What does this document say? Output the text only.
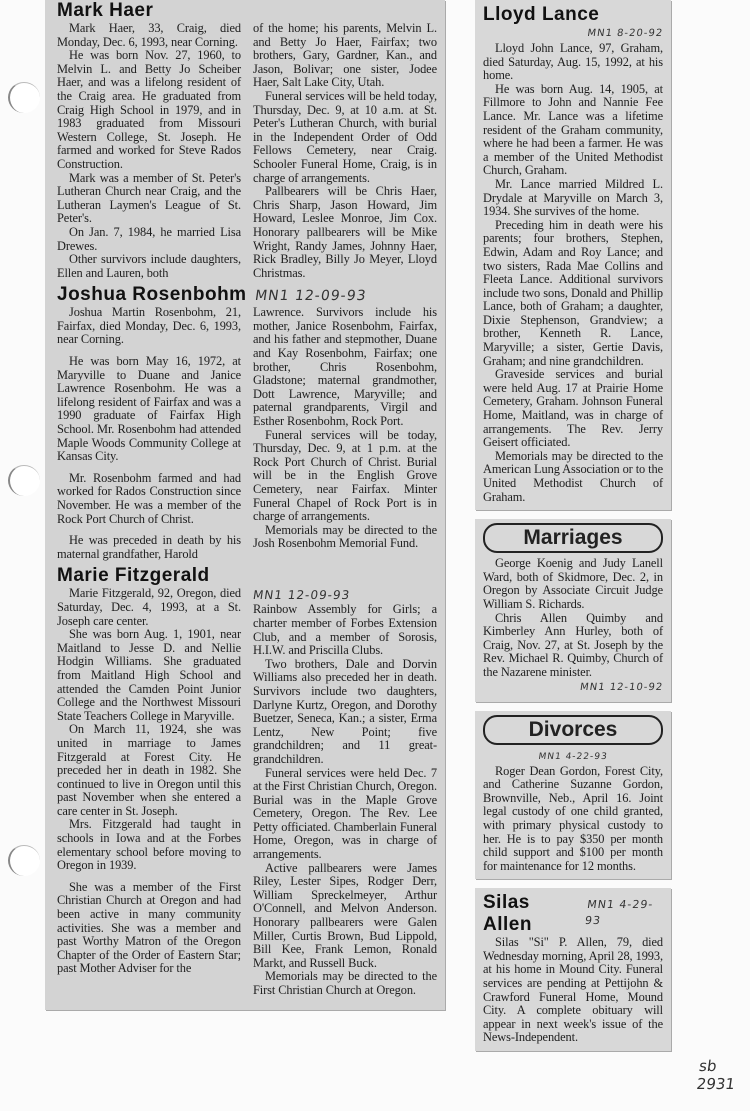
Mark Haer

Mark Haer, 33, Craig, died Monday, Dec. 6, 1993, near Corning.

He was born Nov. 27, 1960, to Melvin L. and Betty Jo Scheiber Haer, and was a lifelong resident of the Craig area. He graduated from Craig High School in 1979, and in 1983 graduated from Missouri Western College, St. Joseph. He farmed and worked for Steve Rados Construction.

Mark was a member of St. Peter's Lutheran Church near Craig, and the Lutheran Laymen's League of St. Peter's.

On Jan. 7, 1984, he married Lisa Drewes.

Other survivors include daughters, Ellen and Lauren, both

of the home; his parents, Melvin L. and Betty Jo Haer, Fairfax; two brothers, Gary, Gardner, Kan., and Jason, Bolivar; one sister, Jodee Haer, Salt Lake City, Utah.

Funeral services will be held today, Thursday, Dec. 9, at 10 a.m. at St. Peter's Lutheran Church, with burial in the Independent Order of Odd Fellows Cemetery, near Craig. Schooler Funeral Home, Craig, is in charge of arrangements.

Pallbearers will be Chris Haer, Chris Sharp, Jason Howard, Jim Howard, Leslee Monroe, Jim Cox. Honorary pallbearers will be Mike Wright, Randy James, Johnny Haer, Rick Bradley, Billy Jo Meyer, Lloyd Christmas.

Joshua Rosenbohm MN1 12-09-93

Joshua Martin Rosenbohm, 21, Fairfax, died Monday, Dec. 6, 1993, near Corning.

He was born May 16, 1972, at Maryville to Duane and Janice Lawrence Rosenbohm. He was a lifelong resident of Fairfax and was a 1990 graduate of Fairfax High School. Mr. Rosenbohm had attended Maple Woods Community College at Kansas City.

Mr. Rosenbohm farmed and had worked for Rados Construction since November. He was a member of the Rock Port Church of Christ.

He was preceded in death by his maternal grandfather, Harold

Lawrence. Survivors include his mother, Janice Rosenbohm, Fairfax, and his father and stepmother, Duane and Kay Rosenbohm, Fairfax; one brother, Chris Rosenbohm, Gladstone; maternal grandmother, Dott Lawrence, Maryville; and paternal grandparents, Virgil and Esther Rosenbohm, Rock Port.

Funeral services will be today, Thursday, Dec. 9, at 1 p.m. at the Rock Port Church of Christ. Burial will be in the English Grove Cemetery, near Fairfax. Minter Funeral Chapel of Rock Port is in charge of arrangements.

Memorials may be directed to the Josh Rosenbohm Memorial Fund.

Marie Fitzgerald

Marie Fitzgerald, 92, Oregon, died Saturday, Dec. 4, 1993, at a St. Joseph care center.

She was born Aug. 1, 1901, near Maitland to Jesse D. and Nellie Hodgin Williams. She graduated from Maitland High School and attended the Camden Point Junior College and the Northwest Missouri State Teachers College in Maryville.

On March 11, 1924, she was united in marriage to James Fitzgerald at Forest City. He preceded her in death in 1982. She continued to live in Oregon until this past November when she entered a care center in St. Joseph.

Mrs. Fitzgerald had taught in schools in Iowa and at the Forbes elementary school before moving to Oregon in 1939.

She was a member of the First Christian Church at Oregon and had been active in many community activities. She was a member and past Worthy Matron of the Oregon Chapter of the Order of Eastern Star; past Mother Adviser for the

MN1 12-09-93

Rainbow Assembly for Girls; a charter member of Forbes Extension Club, and a member of Sorosis, H.I.W. and Priscilla Clubs.

Two brothers, Dale and Dorvin Williams also preceded her in death. Survivors include two daughters, Darlyne Kurtz, Oregon, and Dorothy Buetzer, Seneca, Kan.; a sister, Erma Lentz, New Point; five grandchildren; and 11 great-grandchildren.

Funeral services were held Dec. 7 at the First Christian Church, Oregon. Burial was in the Maple Grove Cemetery, Oregon. The Rev. Lee Petty officiated. Chamberlain Funeral Home, Oregon, was in charge of arrangements.

Active pallbearers were James Riley, Lester Sipes, Rodger Derr, William Spreckelmeyer, Arthur O'Connell, and Melvon Anderson. Honorary pallbearers were Galen Miller, Curtis Brown, Bud Lippold, Bill Kee, Frank Lemon, Ronald Markt, and Russell Buck.

Memorials may be directed to the First Christian Church at Oregon.

Lloyd Lance
MN1 8-20-92

Lloyd John Lance, 97, Graham, died Saturday, Aug. 15, 1992, at his home.

He was born Aug. 14, 1905, at Fillmore to John and Nannie Fee Lance. Mr. Lance was a lifetime resident of the Graham community, where he had been a farmer. He was a member of the United Methodist Church, Graham.

Mr. Lance married Mildred L. Drydale at Maryville on March 3, 1934. She survives of the home.

Preceding him in death were his parents; four brothers, Stephen, Edwin, Adam and Roy Lance; and two sisters, Rada Mae Collins and Fleeta Lance. Additional survivors include two sons, Donald and Phillip Lance, both of Graham; a daughter, Dixie Stephenson, Grandview; a brother, Kenneth R. Lance, Maryville; a sister, Gertie Davis, Graham; and nine grandchildren.

Graveside services and burial were held Aug. 17 at Prairie Home Cemetery, Graham. Johnson Funeral Home, Maitland, was in charge of arrangements. The Rev. Jerry Geisert officiated.

Memorials may be directed to the American Lung Association or to the United Methodist Church of Graham.

Marriages

George Koenig and Judy Lanell Ward, both of Skidmore, Dec. 2, in Oregon by Associate Circuit Judge William S. Richards.

Chris Allen Quimby and Kimberley Ann Hurley, both of Craig, Nov. 27, at St. Joseph by the Rev. Michael R. Quimby, Church of the Nazarene minister.

MN1 12-10-92
Divorces
MN1 4-22-93

Roger Dean Gordon, Forest City, and Catherine Suzanne Gordon, Brownville, Neb., April 16. Joint legal custody of one child granted, with primary physical custody to her. He is to pay $350 per month child support and $100 per month for maintenance for 12 months.

Silas Allen
MN1 4-29-93

Silas "Si" P. Allen, 79, died Wednesday morning, April 28, 1993, at his home in Mound City. Funeral services are pending at Pettijohn & Crawford Funeral Home, Mound City. A complete obituary will appear in next week's issue of the News-Independent.

sb
2931
